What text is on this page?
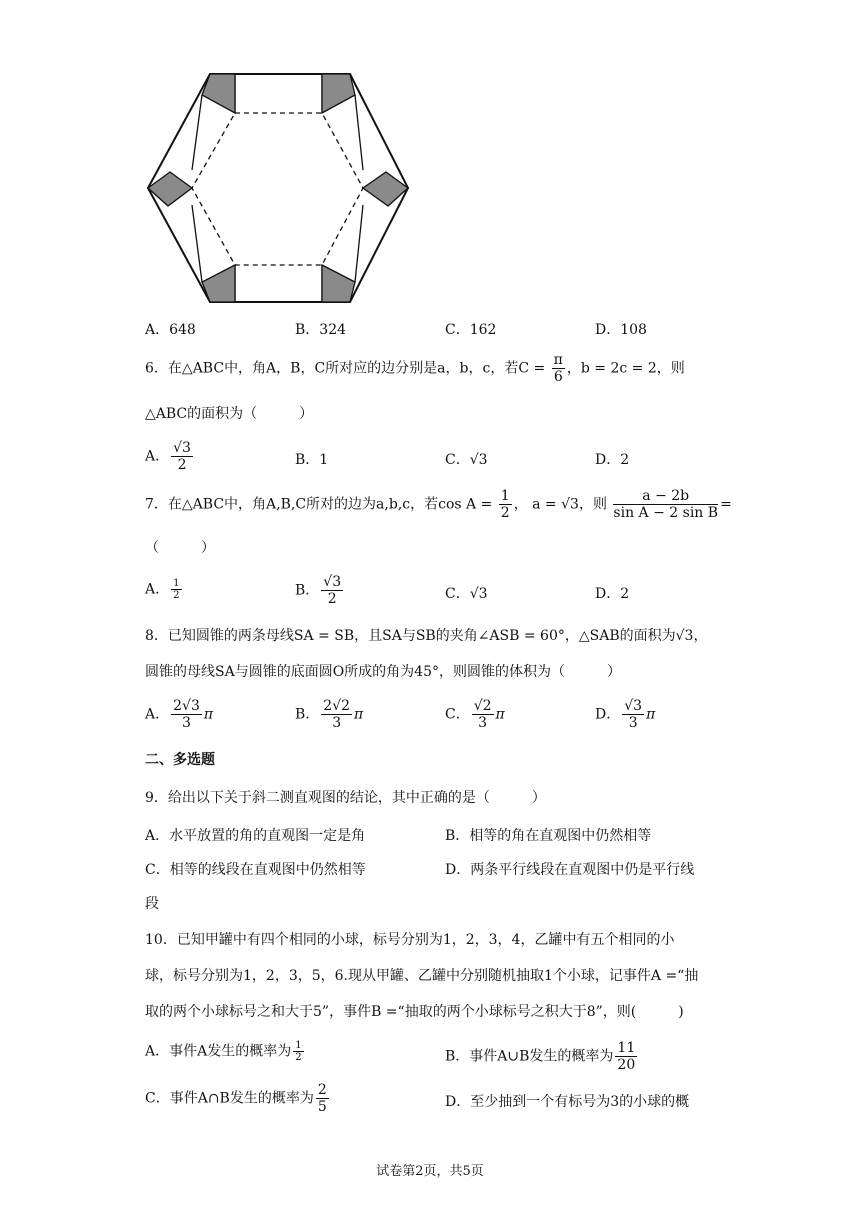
A．648	B．324	C．162	D．108
6．在△ABC中，角A，B，C所对应的边分别是a，b，c，若$C = \frac{\pi}{6}$ ，b = 2c = 2，则
△ABC的面积为（　　　）
A． $\frac{√3}{2}$	B．1	C．√3	D．2
7．在△ABC中，角A,B,C所对的边为a,b,c，若$\cos A = \frac{1}{2}$ ， a = √3，则 $\frac{a - 2b}{\text{sin A − 2 sin B}}$ =
（　　　）
A． $\frac{1}{2}$	B． $\frac{√3}{2}$	C．√3	D．2
8．已知圆锥的两条母线SA = SB，且SA与SB的夹角∠ASB = 60°，△SAB的面积为√3，
圆锥的母线SA与圆锥的底面圆O所成的角为45°，则圆锥的体积为（　　　）
A． $\frac{2√3}{3}$ π	B． $\frac{2√2}{3}$ π	C． $\frac{√2}{3}$ π	D． $\frac{√3}{3}$ π
二、多选题
9．给出以下关于斜二测直观图的结论，其中正确的是（　　　）
A．水平放置的角的直观图一定是角	B．相等的角在直观图中仍然相等
C．相等的线段在直观图中仍然相等	D．两条平行线段在直观图中仍是平行线
段
10．已知甲罐中有四个相同的小球，标号分别为1，2，3，4，乙罐中有五个相同的小
球，标号分别为1，2，3，5，6.现从甲罐、乙罐中分别随机抽取1个小球，记事件A =“抽
取的两个小球标号之和大于5”，事件B =“抽取的两个小球标号之积大于8”，则(　　　)
A．事件A发生的概率为 $\frac{1}{2}$	B．事件A∪B发生的概率为 $\frac{11}{20}$
C．事件A∩B发生的概率为 $\frac{2}{5}$	D．至少抽到一个有标号为3的小球的概
试卷第2页，共5页
